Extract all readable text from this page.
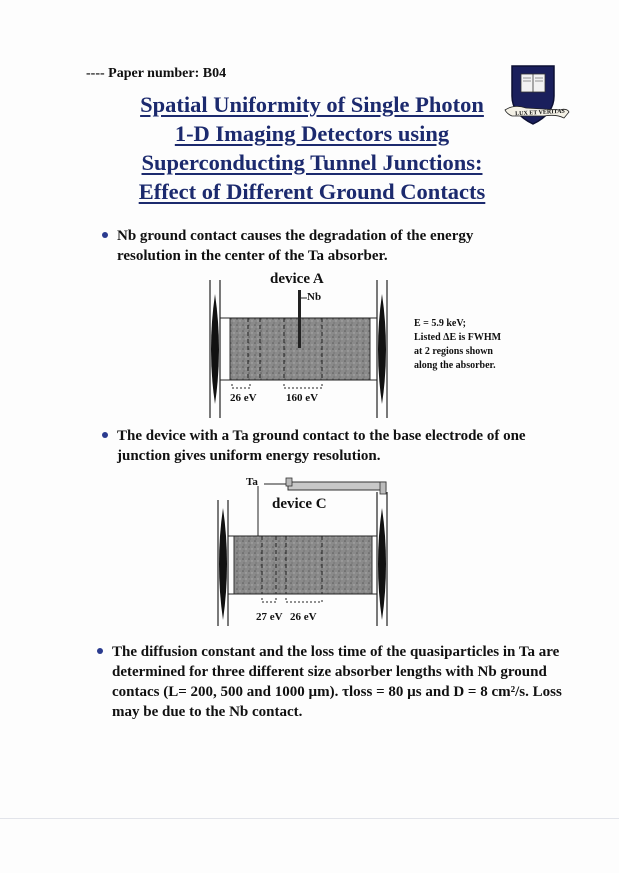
---- Paper number: B04
LUX ET VERITAS
Spatial Uniformity of Single Photon
1-D Imaging Detectors using
Superconducting Tunnel Junctions:
Effect of Different Ground Contacts
Nb ground contact causes the degradation of the energy resolution in the center of the Ta absorber.
device A
Nb
26 eV	160 eV
E = 5.9 keV;
Listed ΔE is FWHM
at 2 regions shown
along the absorber.
The device with a Ta ground contact to the base electrode of one junction gives uniform energy resolution.
Ta
device C
27 eV 26 eV
The diffusion constant and the loss time of the quasiparticles in Ta are determined for three different size absorber lengths with Nb ground contacs (L= 200, 500 and 1000 µm). τloss = 80 µs and D = 8 cm²/s. Loss may be due to the Nb contact.
